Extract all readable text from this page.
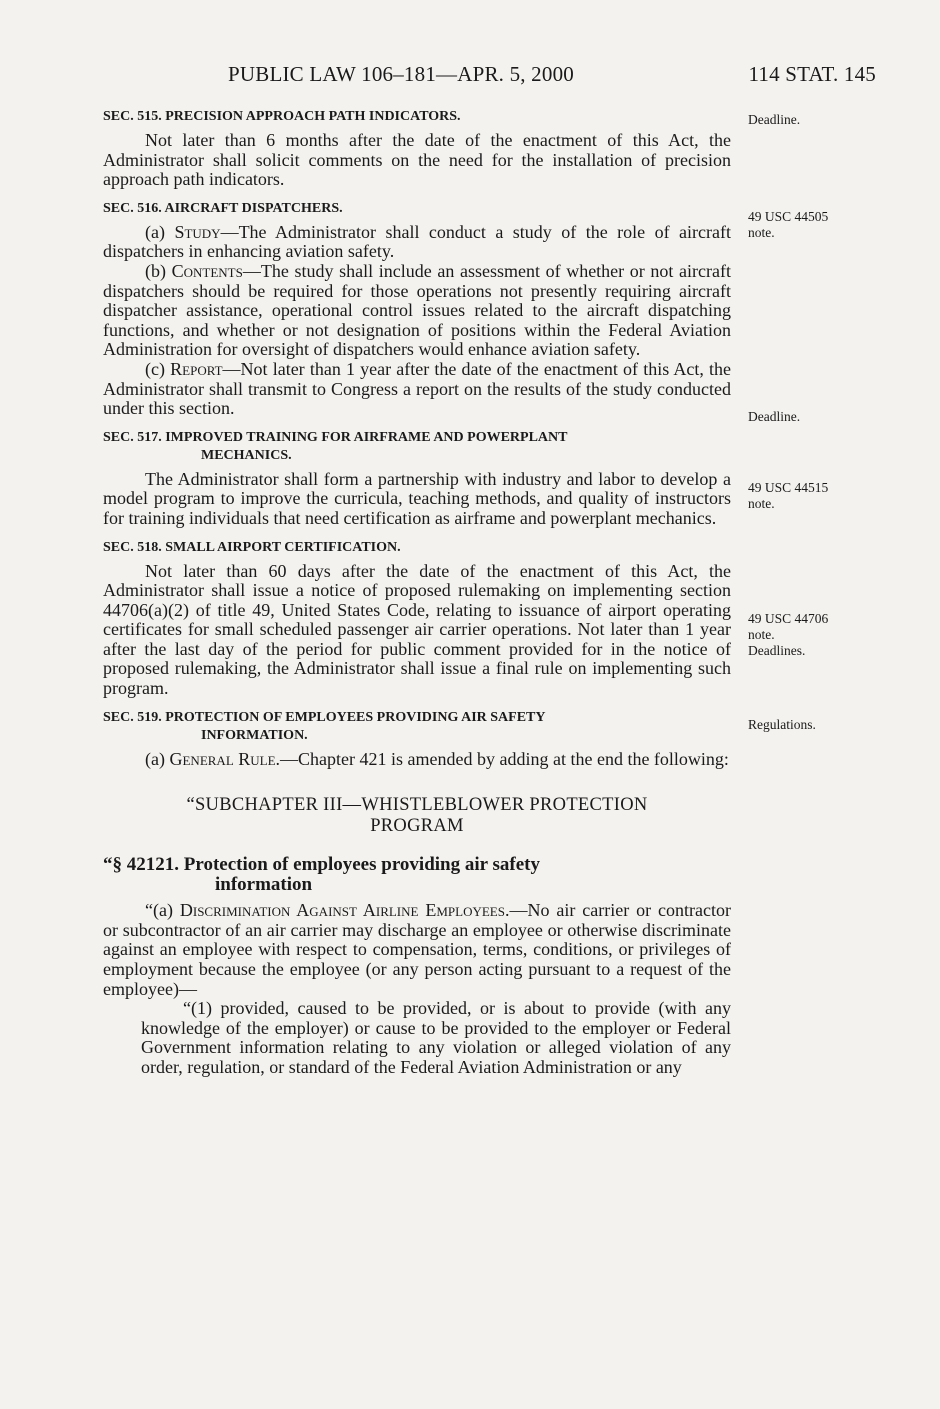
PUBLIC LAW 106–181—APR. 5, 2000	114 STAT. 145
Deadline.
49 USC 44505
note.
Deadline.
49 USC 44515
note.
49 USC 44706
note.
Deadlines.
Regulations.
SEC. 515. PRECISION APPROACH PATH INDICATORS.

Not later than 6 months after the date of the enactment of this Act, the Administrator shall solicit comments on the need for the installation of precision approach path indicators.

SEC. 516. AIRCRAFT DISPATCHERS.

(a) Study—The Administrator shall conduct a study of the role of aircraft dispatchers in enhancing aviation safety.

(b) Contents—The study shall include an assessment of whether or not aircraft dispatchers should be required for those operations not presently requiring aircraft dispatcher assistance, operational control issues related to the aircraft dispatching functions, and whether or not designation of positions within the Federal Aviation Administration for oversight of dispatchers would enhance aviation safety.

(c) Report—Not later than 1 year after the date of the enactment of this Act, the Administrator shall transmit to Congress a report on the results of the study conducted under this section.

SEC. 517. IMPROVED TRAINING FOR AIRFRAME AND POWERPLANT
MECHANICS.

The Administrator shall form a partnership with industry and labor to develop a model program to improve the curricula, teaching methods, and quality of instructors for training individuals that need certification as airframe and powerplant mechanics.

SEC. 518. SMALL AIRPORT CERTIFICATION.

Not later than 60 days after the date of the enactment of this Act, the Administrator shall issue a notice of proposed rulemaking on implementing section 44706(a)(2) of title 49, United States Code, relating to issuance of airport operating certificates for small scheduled passenger air carrier operations. Not later than 1 year after the last day of the period for public comment provided for in the notice of proposed rulemaking, the Administrator shall issue a final rule on implementing such program.

SEC. 519. PROTECTION OF EMPLOYEES PROVIDING AIR SAFETY
INFORMATION.

(a) General Rule.—Chapter 421 is amended by adding at the end the following:

“SUBCHAPTER III—WHISTLEBLOWER PROTECTION PROGRAM
“§ 42121. Protection of employees providing air safety
information

“(a) Discrimination Against Airline Employees.—No air carrier or contractor or subcontractor of an air carrier may discharge an employee or otherwise discriminate against an employee with respect to compensation, terms, conditions, or privileges of employment because the employee (or any person acting pursuant to a request of the employee)—

“(1) provided, caused to be provided, or is about to provide (with any knowledge of the employer) or cause to be provided to the employer or Federal Government information relating to any violation or alleged violation of any order, regulation, or standard of the Federal Aviation Administration or any
